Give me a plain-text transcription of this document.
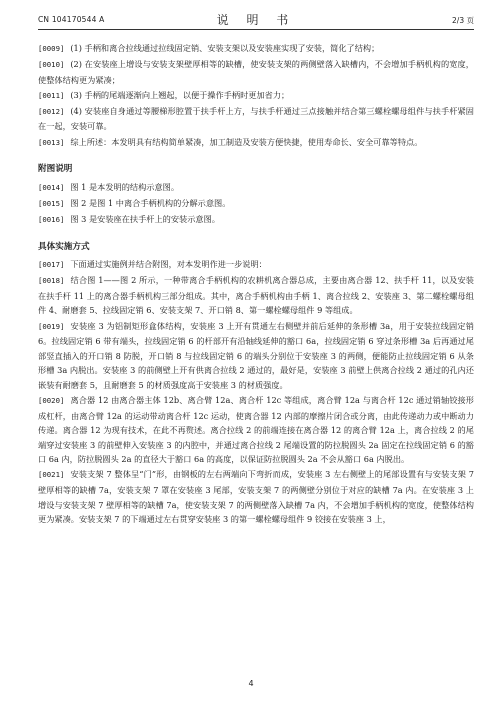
CN 104170544 A	说 明 书	2/3 页

[0009] (1) 手柄和离合拉线通过拉线固定销、安装支架以及安装座实现了安装，简化了结构；

[0010] (2) 在安装座上增设与安装支架壁厚相等的缺槽，使安装支架的两侧壁落入缺槽内，不会增加手柄机构的宽度，使整体结构更为紧凑；

[0011] (3) 手柄的尾端逐渐向上翘起，以便于操作手柄时更加省力；

[0012] (4) 安装座自身通过等腰梯形腔置于扶手杆上方，与扶手杆通过三点接触并结合第三螺栓螺母组件与扶手杆紧固在一起，安装可靠。

[0013] 综上所述：本发明具有结构简单紧凑，加工制造及安装方便快捷，使用寿命长、安全可靠等特点。

附图说明

[0014] 图 1 是本发明的结构示意图。

[0015] 图 2 是图 1 中离合手柄机构的分解示意图。

[0016] 图 3 是安装座在扶手杆上的安装示意图。

具体实施方式

[0017] 下面通过实施例并结合附图，对本发明作进一步说明：

[0018] 结合图 1——图 2 所示，一种带离合手柄机构的农耕机离合器总成，主要由离合器 12、扶手杆 11，以及安装在扶手杆 11 上的离合器手柄机构三部分组成。其中，离合手柄机构由手柄 1、离合拉线 2、安装座 3、第二螺栓螺母组件 4、耐磨套 5、拉线固定销 6、安装支架 7、开口销 8、第一螺栓螺母组件 9 等组成。

[0019] 安装座 3 为铝制矩形盒体结构，安装座 3 上开有贯通左右侧壁并前后延伸的条形槽 3a，用于安装拉线固定销 6。拉线固定销 6 带有端头，拉线固定销 6 的杆部开有沿轴线延伸的豁口 6a，拉线固定销 6 穿过条形槽 3a 后再通过尾部竖直插入的开口销 8 防脱，开口销 8 与拉线固定销 6 的端头分别位于安装座 3 的两侧，便能防止拉线固定销 6 从条形槽 3a 内脱出。安装座 3 的前侧壁上开有供离合拉线 2 通过的，最好是，安装座 3 前壁上供离合拉线 2 通过的孔内还嵌装有耐磨套 5，且耐磨套 5 的材质强度高于安装座 3 的材质强度。

[0020] 离合器 12 由离合器主体 12b、离合臂 12a、离合杆 12c 等组成，离合臂 12a 与离合杆 12c 通过销轴铰接形成杠杆，由离合臂 12a 的运动带动离合杆 12c 运动，使离合器 12 内部的摩擦片闭合或分离，由此传递动力或中断动力传递。离合器 12 为现有技术，在此不再赘述。离合拉线 2 的前端连接在离合器 12 的离合臂 12a 上，离合拉线 2 的尾端穿过安装座 3 的前壁伸入安装座 3 的内腔中，并通过离合拉线 2 尾端设置的防拉脱圆头 2a 固定在拉线固定销 6 的豁口 6a 内，防拉脱圆头 2a 的直径大于豁口 6a 的高度，以保证防拉脱圆头 2a 不会从豁口 6a 内脱出。

[0021] 安装支架 7 整体呈“门”形，由钢板的左右两端向下弯折而成，安装座 3 左右侧壁上的尾部设置有与安装支架 7 壁厚相等的缺槽 7a，安装支架 7 罩在安装座 3 尾部，安装支架 7 的两侧壁分别位于对应的缺槽 7a 内。在安装座 3 上增设与安装支架 7 壁厚相等的缺槽 7a，使安装支架 7 的两侧壁落入缺槽 7a 内，不会增加手柄机构的宽度，使整体结构更为紧凑。安装支架 7 的下端通过左右贯穿安装座 3 的第一螺栓螺母组件 9 铰接在安装座 3 上，

4
